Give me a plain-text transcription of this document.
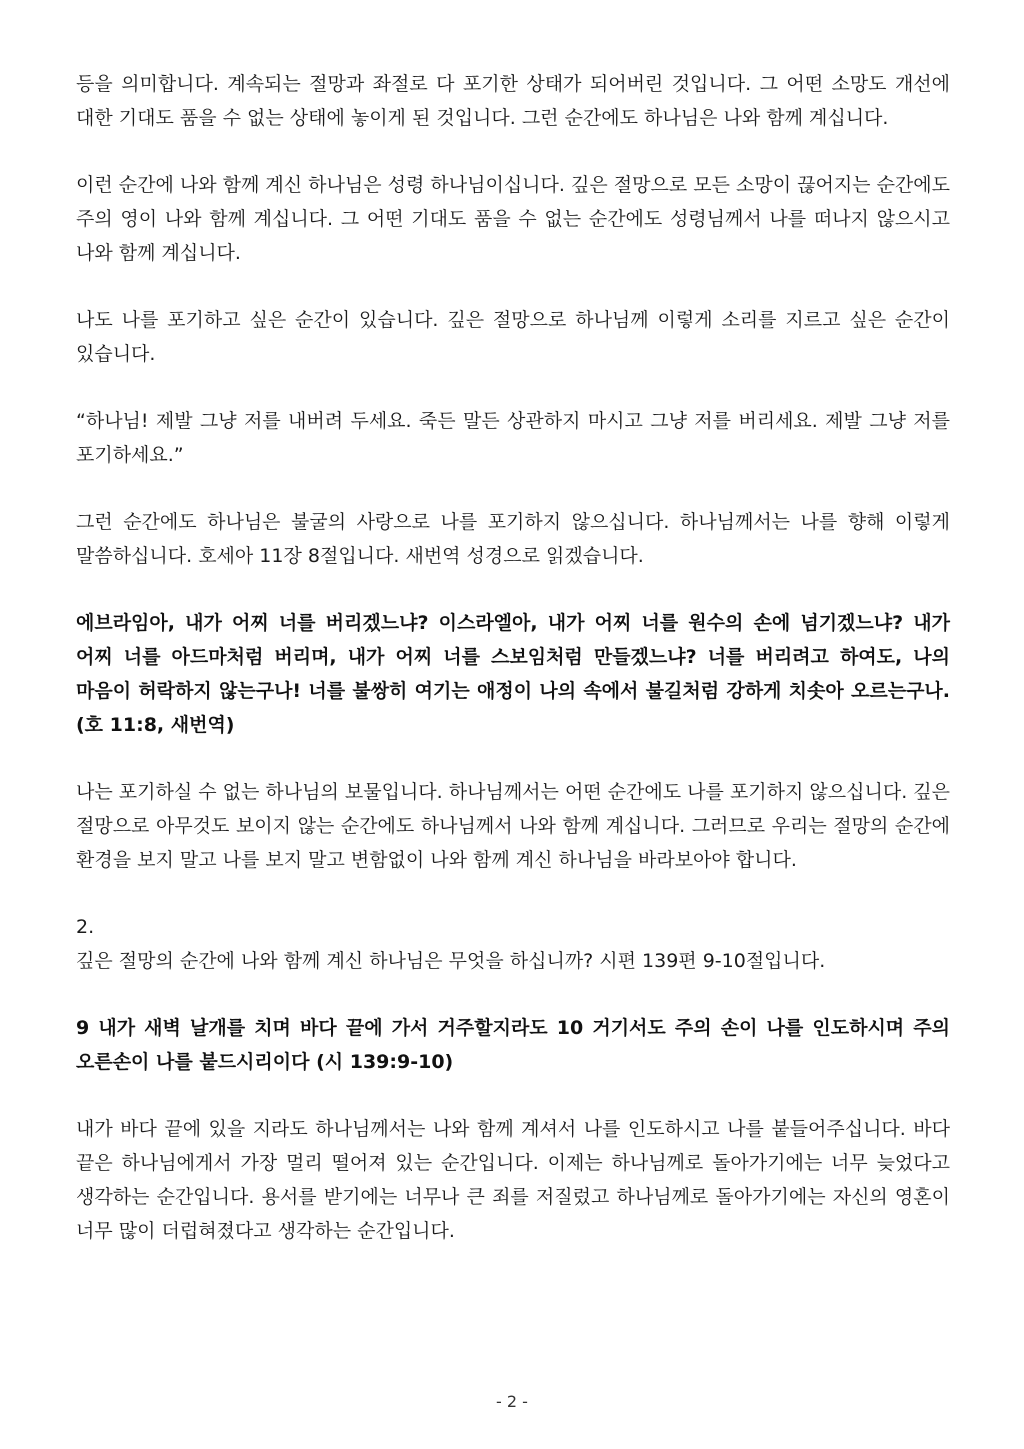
등을 의미합니다. 계속되는 절망과 좌절로 다 포기한 상태가 되어버린 것입니다. 그 어떤 소망도 개선에 대한 기대도 품을 수 없는 상태에 놓이게 된 것입니다. 그런 순간에도 하나님은 나와 함께 계십니다.

이런 순간에 나와 함께 계신 하나님은 성령 하나님이십니다. 깊은 절망으로 모든 소망이 끊어지는 순간에도 주의 영이 나와 함께 계십니다. 그 어떤 기대도 품을 수 없는 순간에도 성령님께서 나를 떠나지 않으시고 나와 함께 계십니다.

나도 나를 포기하고 싶은 순간이 있습니다. 깊은 절망으로 하나님께 이렇게 소리를 지르고 싶은 순간이 있습니다.

“하나님! 제발 그냥 저를 내버려 두세요. 죽든 말든 상관하지 마시고 그냥 저를 버리세요. 제발 그냥 저를 포기하세요.”

그런 순간에도 하나님은 불굴의 사랑으로 나를 포기하지 않으십니다. 하나님께서는 나를 향해 이렇게 말씀하십니다. 호세아 11장 8절입니다. 새번역 성경으로 읽겠습니다.

에브라임아, 내가 어찌 너를 버리겠느냐? 이스라엘아, 내가 어찌 너를 원수의 손에 넘기겠느냐? 내가 어찌 너를 아드마처럼 버리며, 내가 어찌 너를 스보임처럼 만들겠느냐? 너를 버리려고 하여도, 나의 마음이 허락하지 않는구나! 너를 불쌍히 여기는 애정이 나의 속에서 불길처럼 강하게 치솟아 오르는구나. (호 11:8, 새번역)

나는 포기하실 수 없는 하나님의 보물입니다. 하나님께서는 어떤 순간에도 나를 포기하지 않으십니다. 깊은 절망으로 아무것도 보이지 않는 순간에도 하나님께서 나와 함께 계십니다. 그러므로 우리는 절망의 순간에 환경을 보지 말고 나를 보지 말고 변함없이 나와 함께 계신 하나님을 바라보아야 합니다.

2.

깊은 절망의 순간에 나와 함께 계신 하나님은 무엇을 하십니까? 시편 139편 9-10절입니다.

9 내가 새벽 날개를 치며 바다 끝에 가서 거주할지라도 10 거기서도 주의 손이 나를 인도하시며 주의 오른손이 나를 붙드시리이다 (시 139:9-10)

내가 바다 끝에 있을 지라도 하나님께서는 나와 함께 계셔서 나를 인도하시고 나를 붙들어주십니다. 바다 끝은 하나님에게서 가장 멀리 떨어져 있는 순간입니다. 이제는 하나님께로 돌아가기에는 너무 늦었다고 생각하는 순간입니다. 용서를 받기에는 너무나 큰 죄를 저질렀고 하나님께로 돌아가기에는 자신의 영혼이 너무 많이 더럽혀졌다고 생각하는 순간입니다.

- 2 -
